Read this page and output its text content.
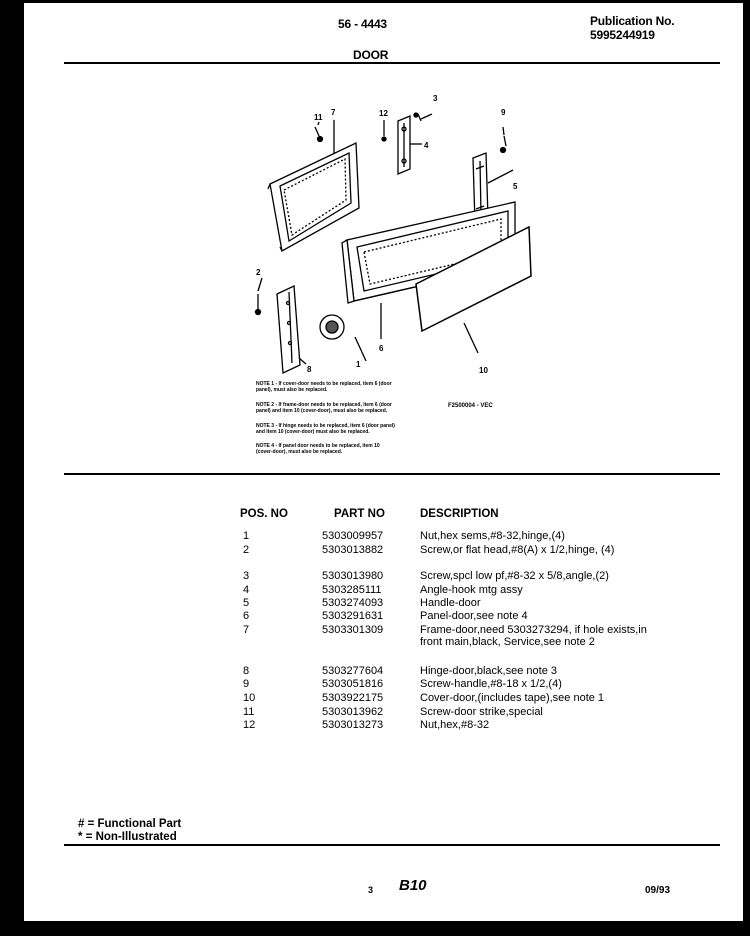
56 - 4443
DOOR
Publication No.
5995244919
11
7	12
3
4
9
5
2
6
1
8	10
NOTE 1 - If cover-door needs to be replaced, item 6 (door
panel), must also be replaced.
NOTE 2 - If frame-door needs to be replaced, item 6 (door
panel) and item 10 (cover-door), must also be replaced.
NOTE 3 - If hinge needs to be replaced, item 6 (door panel)
and item 10 (cover-door) must also be replaced.
NOTE 4 - If panel door needs to be replaced, item 10
(cover-door), must also be replaced.
F2500004 - VEC
POS. NO	PART NO	DESCRIPTION
1	5303009957	Nut,hex sems,#8-32,hinge,(4)
2	5303013882	Screw,or flat head,#8(A) x 1/2,hinge, (4)
3	5303013980	Screw,spcl low pf,#8-32 x 5/8,angle,(2)
4	5303285111	Angle-hook mtg assy
5	5303274093	Handle-door
6	5303291631	Panel-door,see note 4
7	5303301309	Frame-door,need 5303273294, if hole exists,in front main,black, Service,see note 2
8	5303277604	Hinge-door,black,see note 3
9	5303051816	Screw-handle,#8-18 x 1/2,(4)
10	5303922175	Cover-door,(includes tape),see note 1
11	5303013962	Screw-door strike,special
12	5303013273	Nut,hex,#8-32
# = Functional Part
* = Non-Illustrated
3 B10	09/93
